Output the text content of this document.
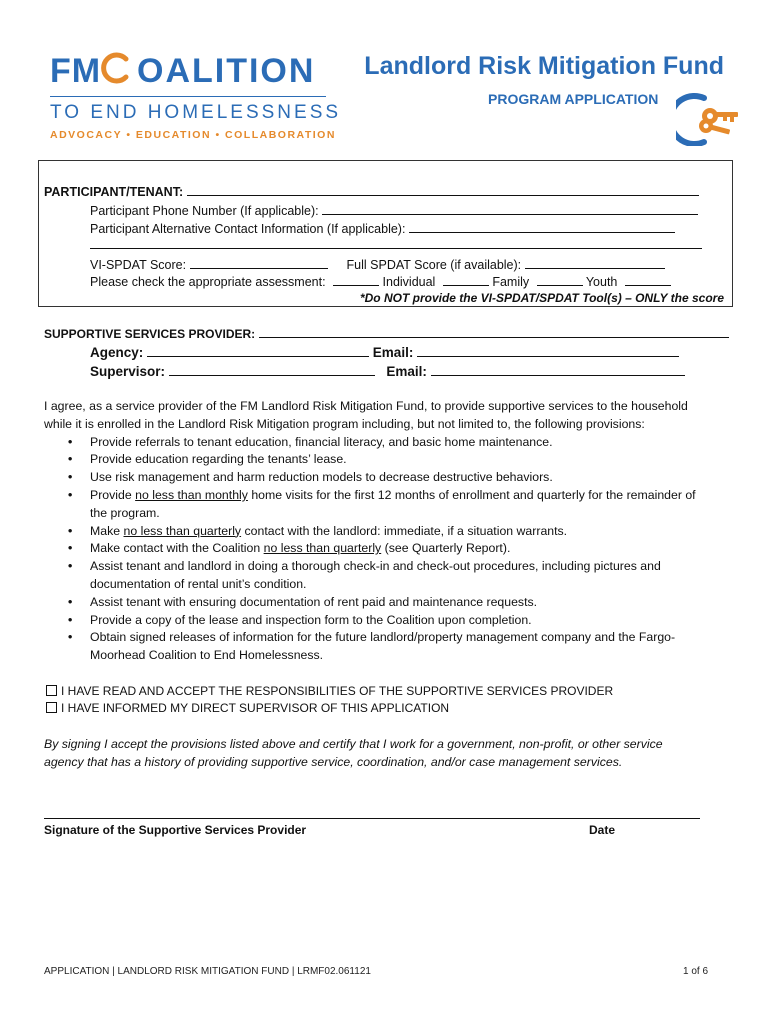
FM OALITION
TO END HOMELESSNESS
ADVOCACY • EDUCATION • COLLABORATION
Landlord Risk Mitigation Fund
PROGRAM APPLICATION
PARTICIPANT/TENANT:
Participant Phone Number (If applicable):
Participant Alternative Contact Information (If applicable):
VI-SPDAT Score:	Full SPDAT Score (if available):
Please check the appropriate assessment:	Individual	Family	Youth
*Do NOT provide the VI-SPDAT/SPDAT Tool(s) – ONLY the score
SUPPORTIVE SERVICES PROVIDER:
Agency:	Email:
Supervisor:	Email:
I agree, as a service provider of the FM Landlord Risk Mitigation Fund, to provide supportive services to the household while it is enrolled in the Landlord Risk Mitigation program including, but not limited to, the following provisions:
• Provide referrals to tenant education, financial literacy, and basic home maintenance.
• Provide education regarding the tenants’ lease.
• Use risk management and harm reduction models to decrease destructive behaviors.
• Provide no less than monthly home visits for the first 12 months of enrollment and quarterly for the remainder of the program.
• Make no less than quarterly contact with the landlord: immediate, if a situation warrants.
• Make contact with the Coalition no less than quarterly (see Quarterly Report).
• Assist tenant and landlord in doing a thorough check-in and check-out procedures, including pictures and documentation of rental unit’s condition.
• Assist tenant with ensuring documentation of rent paid and maintenance requests.
• Provide a copy of the lease and inspection form to the Coalition upon completion.
• Obtain signed releases of information for the future landlord/property management company and the Fargo-Moorhead Coalition to End Homelessness.
I HAVE READ AND ACCEPT THE RESPONSIBILITIES OF THE SUPPORTIVE SERVICES PROVIDER
I HAVE INFORMED MY DIRECT SUPERVISOR OF THIS APPLICATION
By signing I accept the provisions listed above and certify that I work for a government, non-profit, or other service agency that has a history of providing supportive service, coordination, and/or case management services.
Signature of the Supportive Services Provider	Date
APPLICATION | LANDLORD RISK MITIGATION FUND | LRMF02.061121	1 of 6
